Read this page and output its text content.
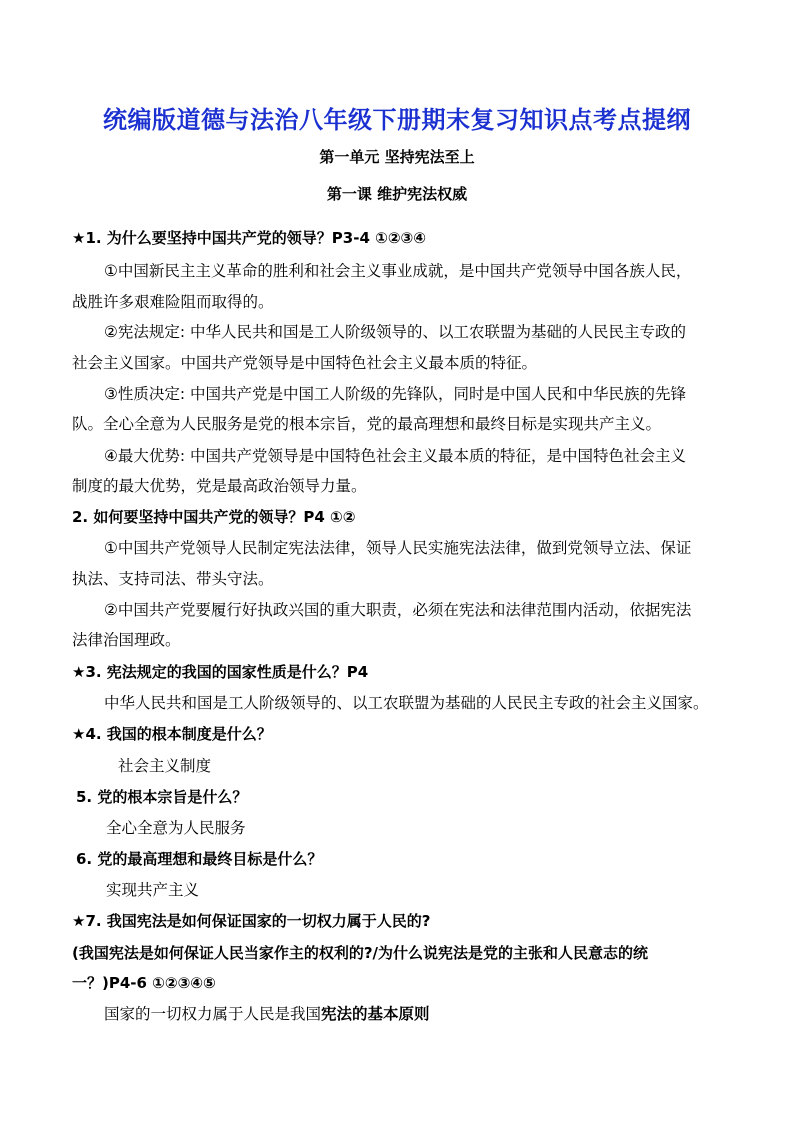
统编版道德与法治八年级下册期末复习知识点考点提纲
第一单元 坚持宪法至上
第一课 维护宪法权威
★1. 为什么要坚持中国共产党的领导？P3-4 ①②③④
①中国新民主主义革命的胜利和社会主义事业成就，是中国共产党领导中国各族人民，
战胜许多艰难险阻而取得的。
②宪法规定: 中华人民共和国是工人阶级领导的、以工农联盟为基础的人民民主专政的
社会主义国家。中国共产党领导是中国特色社会主义最本质的特征。
③性质决定: 中国共产党是中国工人阶级的先锋队，同时是中国人民和中华民族的先锋
队。全心全意为人民服务是党的根本宗旨，党的最高理想和最终目标是实现共产主义。
④最大优势: 中国共产党领导是中国特色社会主义最本质的特征，是中国特色社会主义
制度的最大优势，党是最高政治领导力量。
2. 如何要坚持中国共产党的领导？P4 ①②
①中国共产党领导人民制定宪法法律，领导人民实施宪法法律，做到党领导立法、保证
执法、支持司法、带头守法。
②中国共产党要履行好执政兴国的重大职责，必须在宪法和法律范围内活动，依据宪法
法律治国理政。
★3. 宪法规定的我国的国家性质是什么？P4
中华人民共和国是工人阶级领导的、以工农联盟为基础的人民民主专政的社会主义国家。
★4. 我国的根本制度是什么？
社会主义制度
5. 党的根本宗旨是什么？
全心全意为人民服务
6. 党的最高理想和最终目标是什么？
实现共产主义
★7. 我国宪法是如何保证国家的一切权力属于人民的?
(我国宪法是如何保证人民当家作主的权利的?/为什么说宪法是党的主张和人民意志的统
一？)P4-6 ①②③④⑤
国家的一切权力属于人民是我国宪法的基本原则
